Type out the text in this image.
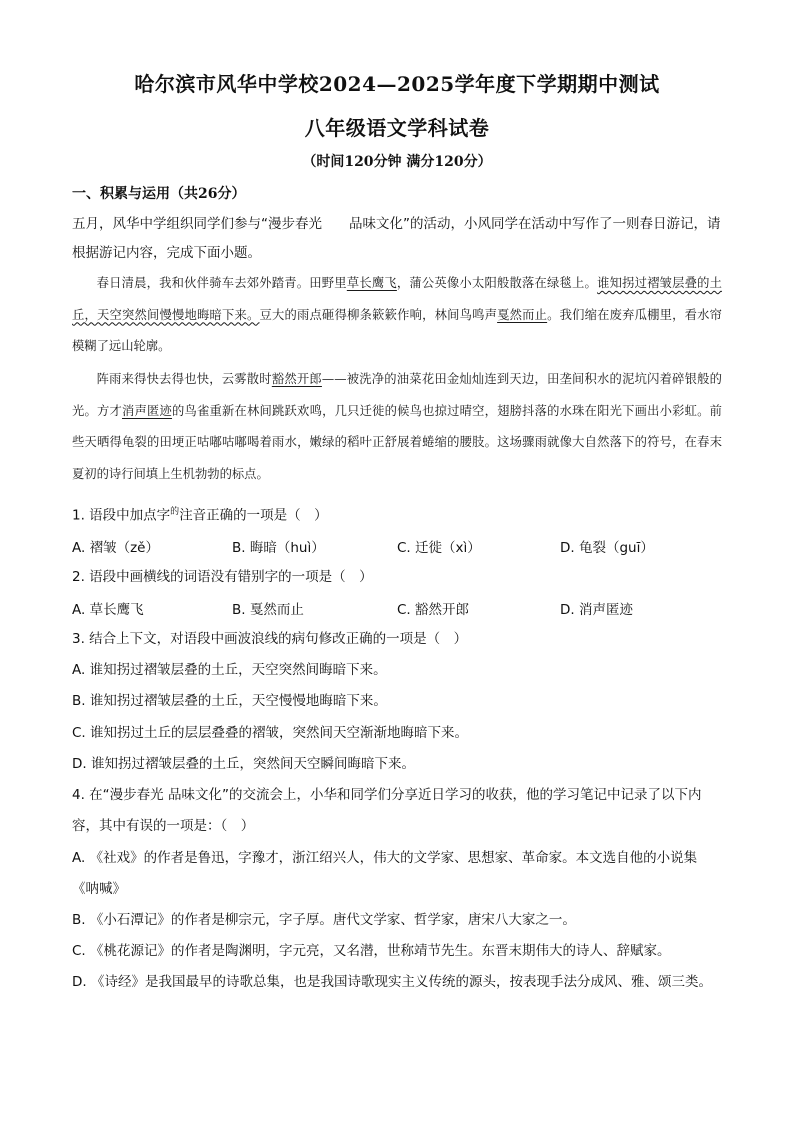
哈尔滨市风华中学校2024—2025学年度下学期期中测试
八年级语文学科试卷
（时间120分钟 满分120分）
一、积累与运用（共26分）
五月，风华中学组织同学们参与“漫步春光　　品味文化”的活动，小风同学在活动中写作了一则春日游记，请根据游记内容，完成下面小题。
春日清晨，我和伙伴骑车去郊外踏青。田野里草长鹰飞，蒲公英像小太阳般散落在绿毯上。谁知拐过褶皱层叠的土丘，天空突然间慢慢地晦暗下来。豆大的雨点砸得柳条簌簌作响，林间鸟鸣声戛然而止。我们缩在废弃瓜棚里，看水帘模糊了远山轮廓。
阵雨来得快去得也快，云雾散时豁然开郎——被洗净的油菜花田金灿灿连到天边，田垄间积水的泥坑闪着碎银般的光。方才消声匿迹的鸟雀重新在林间跳跃欢鸣，几只迁徙的候鸟也掠过晴空，翅膀抖落的水珠在阳光下画出小彩虹。前些天晒得龟裂的田埂正咕嘟咕嘟喝着雨水，嫩绿的稻叶正舒展着蜷缩的腰肢。这场骤雨就像大自然落下的符号，在春末夏初的诗行间填上生机勃勃的标点。
1. 语段中加点字$^的$注音正确的一项是（　）
A. 褶皱（zě）	B. 晦暗（huì）	C. 迁徙（xì）	D. 龟裂（guī）
2. 语段中画横线的词语没有错别字的一项是（　）
A. 草长鹰飞	B. 戛然而止	C. 豁然开郎	D. 消声匿迹
3. 结合上下文，对语段中画波浪线的病句修改正确的一项是（　）
A. 谁知拐过褶皱层叠的土丘，天空突然间晦暗下来。
B. 谁知拐过褶皱层叠的土丘，天空慢慢地晦暗下来。
C. 谁知拐过土丘的层层叠叠的褶皱，突然间天空渐渐地晦暗下来。
D. 谁知拐过褶皱层叠的土丘，突然间天空瞬间晦暗下来。
4. 在“漫步春光 品味文化”的交流会上，小华和同学们分享近日学习的收获，他的学习笔记中记录了以下内容，其中有误的一项是：（　）
A. 《社戏》的作者是鲁迅，字豫才，浙江绍兴人，伟大的文学家、思想家、革命家。本文选自他的小说集《呐喊》
B. 《小石潭记》的作者是柳宗元，字子厚。唐代文学家、哲学家，唐宋八大家之一。
C. 《桃花源记》的作者是陶渊明，字元亮，又名潜，世称靖节先生。东晋末期伟大的诗人、辞赋家。
D. 《诗经》是我国最早的诗歌总集，也是我国诗歌现实主义传统的源头，按表现手法分成风、雅、颂三类。
